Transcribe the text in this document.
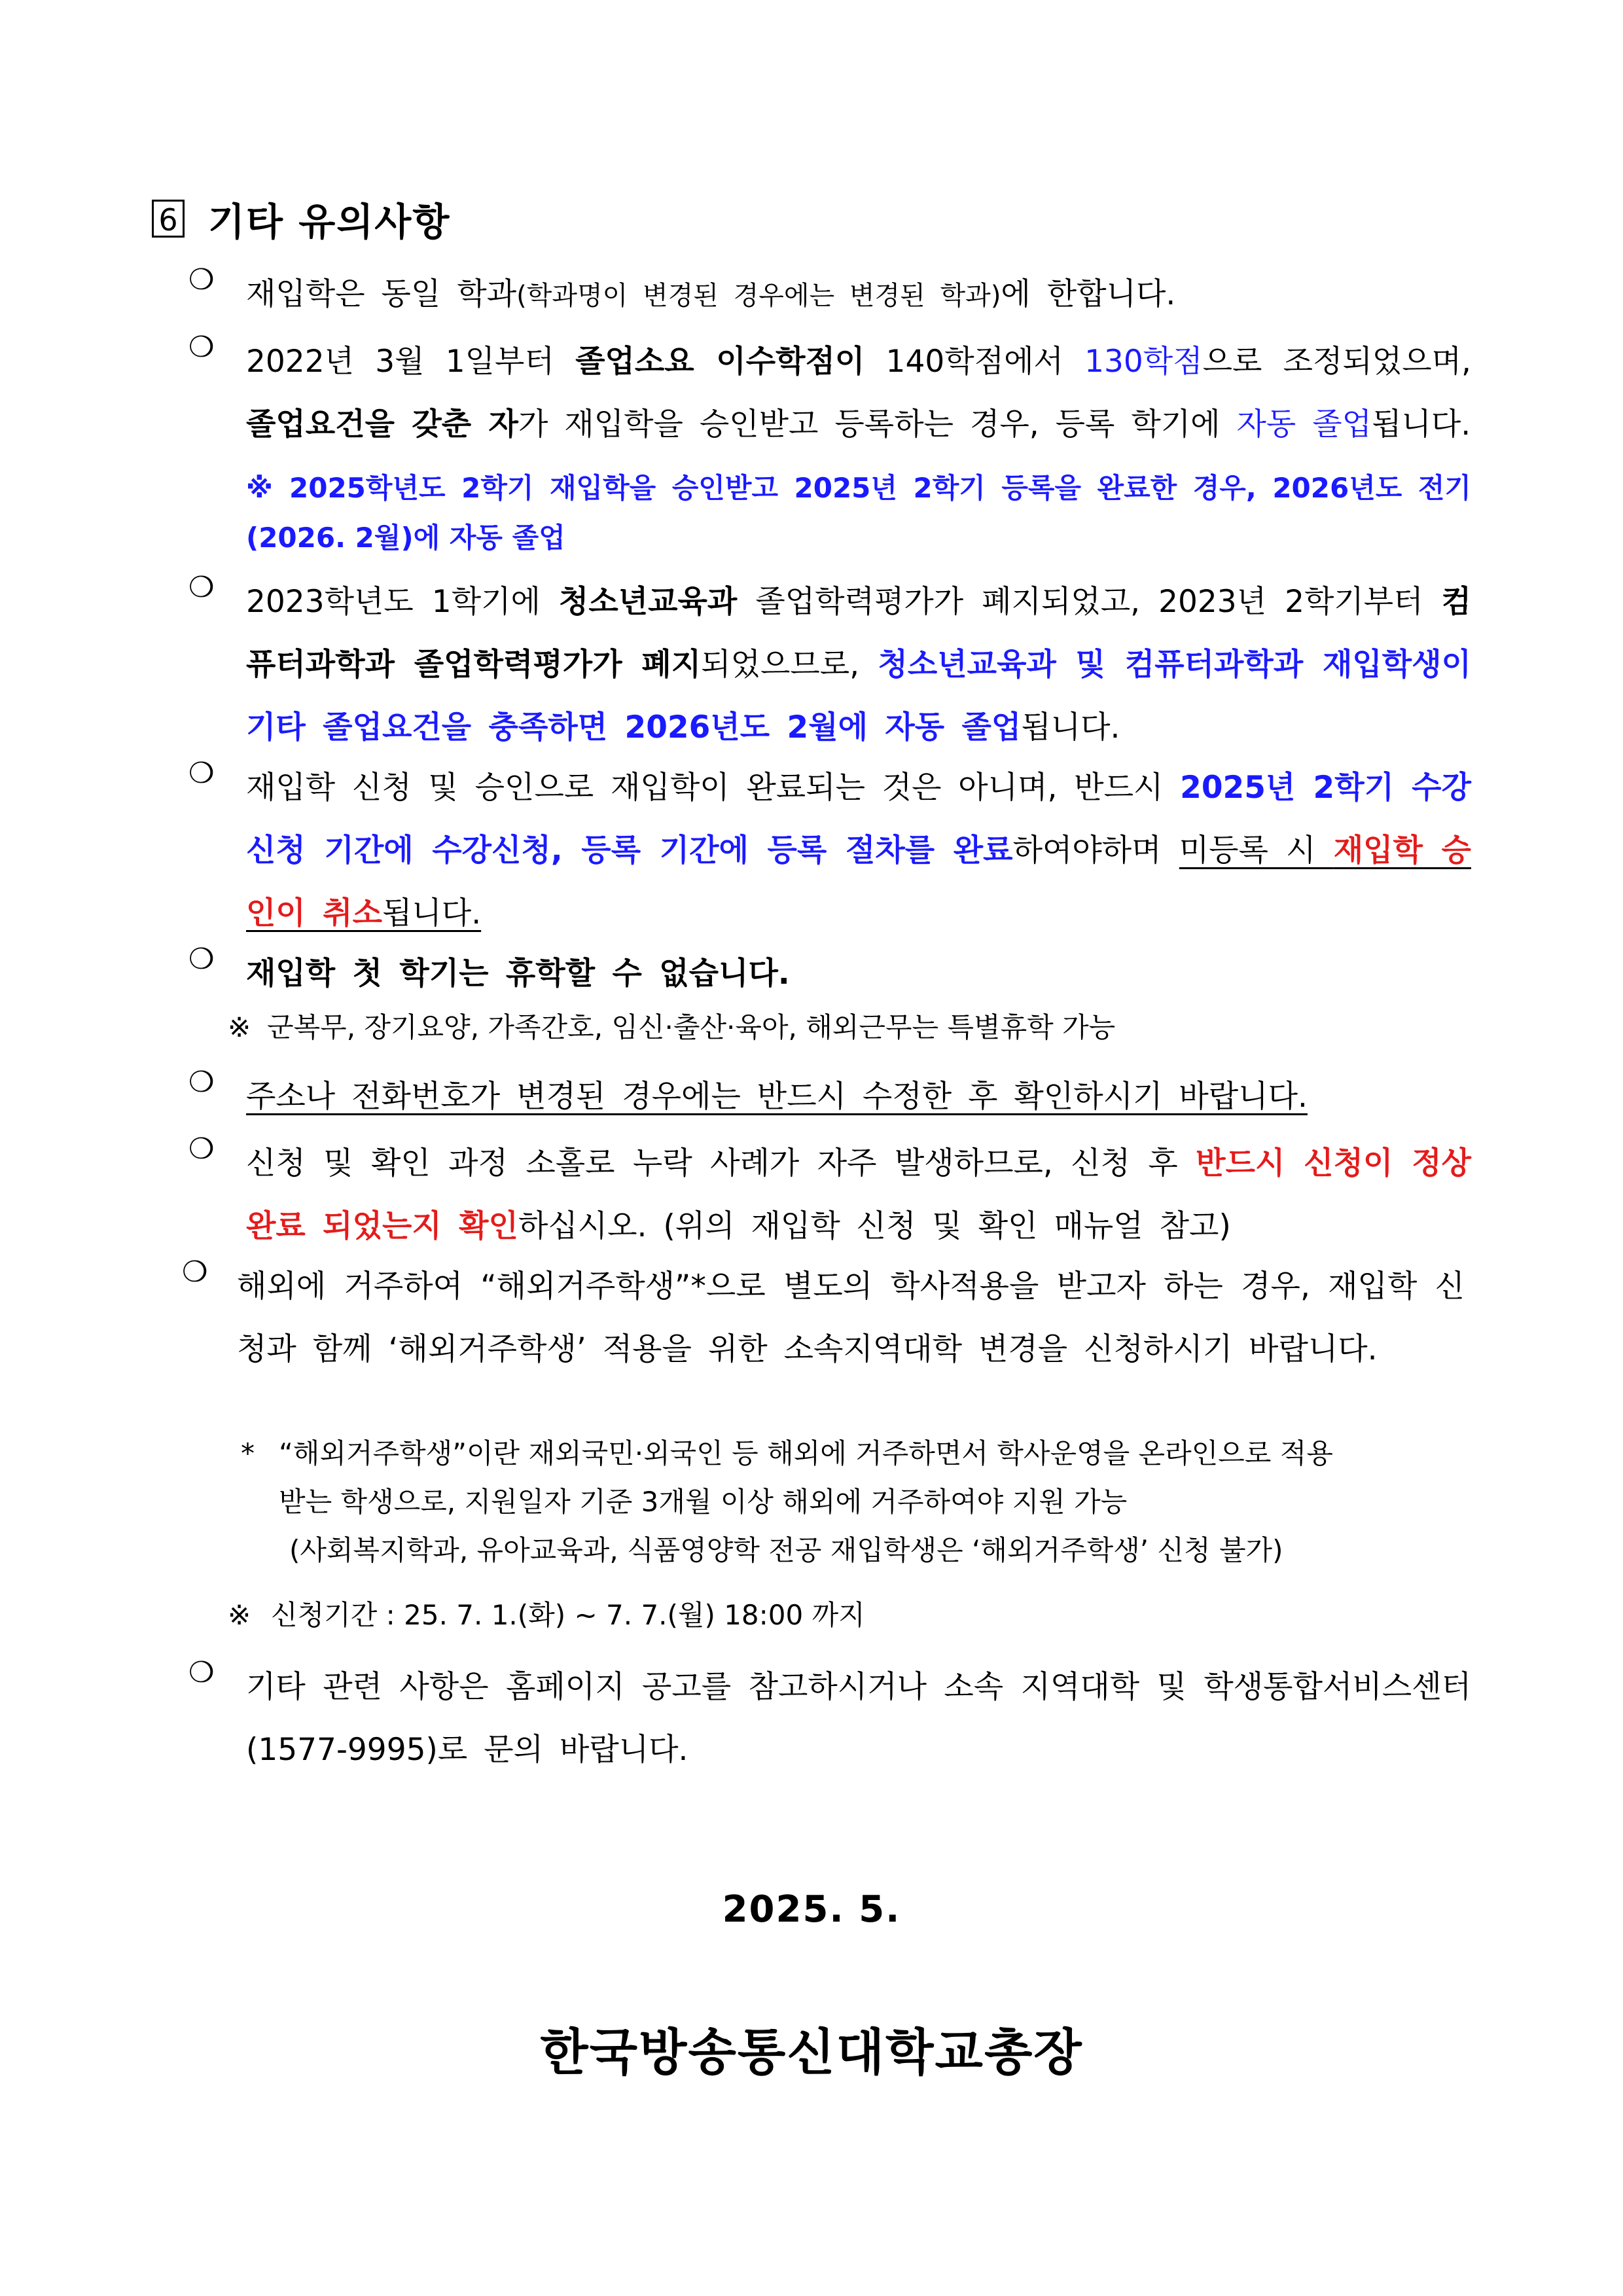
6 기타 유의사항
❍ 재입학은 동일 학과(학과명이 변경된 경우에는 변경된 학과)에 한합니다.
❍ 2022년 3월 1일부터 졸업소요 이수학점이 140학점에서 130학점으로 조정되었으며, 졸업요건을 갖춘 자가 재입학을 승인받고 등록하는 경우, 등록 학기에 자동 졸업됩니다.
※ 2025학년도 2학기 재입학을 승인받고 2025년 2학기 등록을 완료한 경우, 2026년도 전기 (2026. 2월)에 자동 졸업
❍ 2023학년도 1학기에 청소년교육과 졸업학력평가가 폐지되었고, 2023년 2학기부터 컴퓨터과학과 졸업학력평가가 폐지되었으므로, 청소년교육과 및 컴퓨터과학과 재입학생이 기타 졸업요건을 충족하면 2026년도 2월에 자동 졸업됩니다.
❍ 재입학 신청 및 승인으로 재입학이 완료되는 것은 아니며, 반드시 2025년 2학기 수강신청 기간에 수강신청, 등록 기간에 등록 절차를 완료하여야하며 미등록 시 재입학 승인이 취소됩니다.
❍ 재입학 첫 학기는 휴학할 수 없습니다.
※ 군복무, 장기요양, 가족간호, 임신·출산·육아, 해외근무는 특별휴학 가능
❍ 주소나 전화번호가 변경된 경우에는 반드시 수정한 후 확인하시기 바랍니다.
❍ 신청 및 확인 과정 소홀로 누락 사례가 자주 발생하므로, 신청 후 반드시 신청이 정상 완료 되었는지 확인하십시오. (위의 재입학 신청 및 확인 매뉴얼 참고)
❍ 해외에 거주하여 “해외거주학생”*으로 별도의 학사적용을 받고자 하는 경우, 재입학 신청과 함께 ‘해외거주학생’ 적용을 위한 소속지역대학 변경을 신청하시기 바랍니다.
* “해외거주학생”이란 재외국민·외국인 등 해외에 거주하면서 학사운영을 온라인으로 적용
받는 학생으로, 지원일자 기준 3개월 이상 해외에 거주하여야 지원 가능
(사회복지학과, 유아교육과, 식품영양학 전공 재입학생은 ‘해외거주학생’ 신청 불가)
※ 신청기간 : 25. 7. 1.(화) ~ 7. 7.(월) 18:00 까지
❍ 기타 관련 사항은 홈페이지 공고를 참고하시거나 소속 지역대학 및 학생통합서비스센터(1577-9995)로 문의 바랍니다.
2025. 5.
한국방송통신대학교총장
